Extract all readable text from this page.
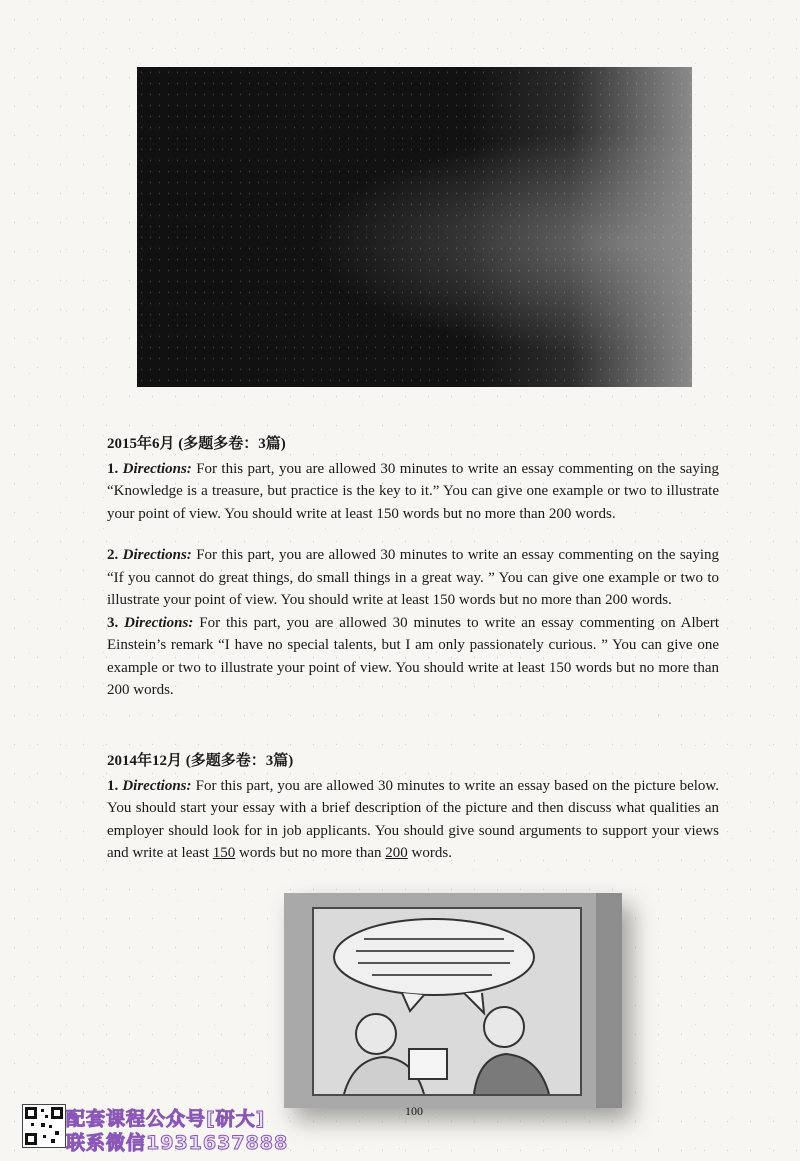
2015年6月 (多题多卷：3篇)

1. Directions: For this part, you are allowed 30 minutes to write an essay commenting on the saying “Knowledge is a treasure, but practice is the key to it.” You can give one example or two to illustrate your point of view. You should write at least 150 words but no more than 200 words.

2. Directions: For this part, you are allowed 30 minutes to write an essay commenting on the saying “If you cannot do great things, do small things in a great way. ” You can give one example or two to illustrate your point of view. You should write at least 150 words but no more than 200 words.

3. Directions: For this part, you are allowed 30 minutes to write an essay commenting on Albert Einstein’s remark “I have no special talents, but I am only passionately curious. ” You can give one example or two to illustrate your point of view. You should write at least 150 words but no more than 200 words.

2014年12月 (多题多卷：3篇)

1. Directions: For this part, you are allowed 30 minutes to write an essay based on the picture below. You should start your essay with a brief description of the picture and then discuss what qualities an employer should look for in job applicants. You should give sound arguments to support your views and write at least 150 words but no more than 200 words.

100
配套课程公众号[研大]
联系微信1931637888
